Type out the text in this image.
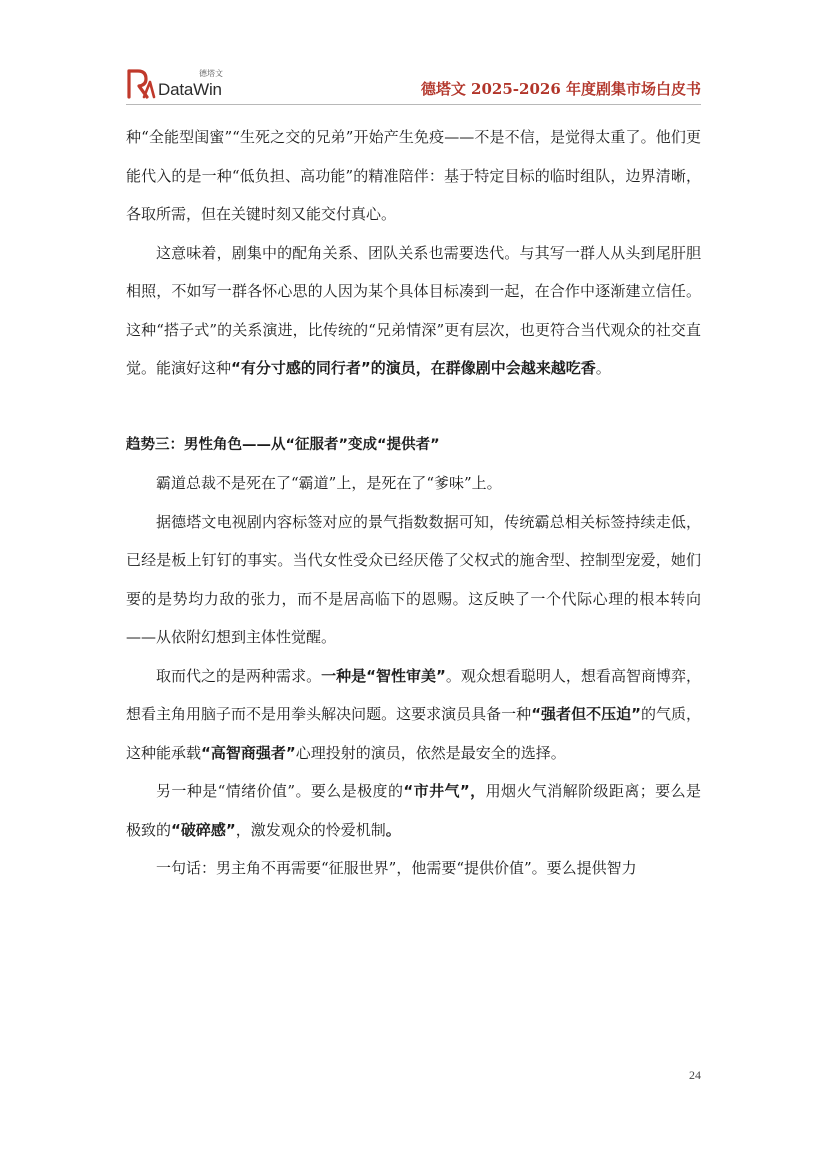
DataWin
德塔文
德塔文 2025-2026 年度剧集市场白皮书

种“全能型闺蜜”“生死之交的兄弟”开始产生免疫——不是不信，是觉得太重了。他们更能代入的是一种“低负担、高功能”的精准陪伴：基于特定目标的临时组队，边界清晰，各取所需，但在关键时刻又能交付真心。

这意味着，剧集中的配角关系、团队关系也需要迭代。与其写一群人从头到尾肝胆相照，不如写一群各怀心思的人因为某个具体目标凑到一起，在合作中逐渐建立信任。这种“搭子式”的关系演进，比传统的“兄弟情深”更有层次，也更符合当代观众的社交直觉。能演好这种“有分寸感的同行者”的演员，在群像剧中会越来越吃香。

趋势三：男性角色——从“征服者”变成“提供者”

霸道总裁不是死在了“霸道”上，是死在了“爹味”上。

据德塔文电视剧内容标签对应的景气指数数据可知，传统霸总相关标签持续走低，已经是板上钉钉的事实。当代女性受众已经厌倦了父权式的施舍型、控制型宠爱，她们要的是势均力敌的张力，而不是居高临下的恩赐。这反映了一个代际心理的根本转向——从依附幻想到主体性觉醒。

取而代之的是两种需求。一种是“智性审美”。观众想看聪明人，想看高智商博弈，想看主角用脑子而不是用拳头解决问题。这要求演员具备一种“强者但不压迫”的气质，这种能承载“高智商强者”心理投射的演员，依然是最安全的选择。

另一种是“情绪价值”。要么是极度的“市井气”，用烟火气消解阶级距离；要么是极致的“破碎感”，激发观众的怜爱机制。

一句话：男主角不再需要“征服世界”，他需要“提供价值”。要么提供智力

24
